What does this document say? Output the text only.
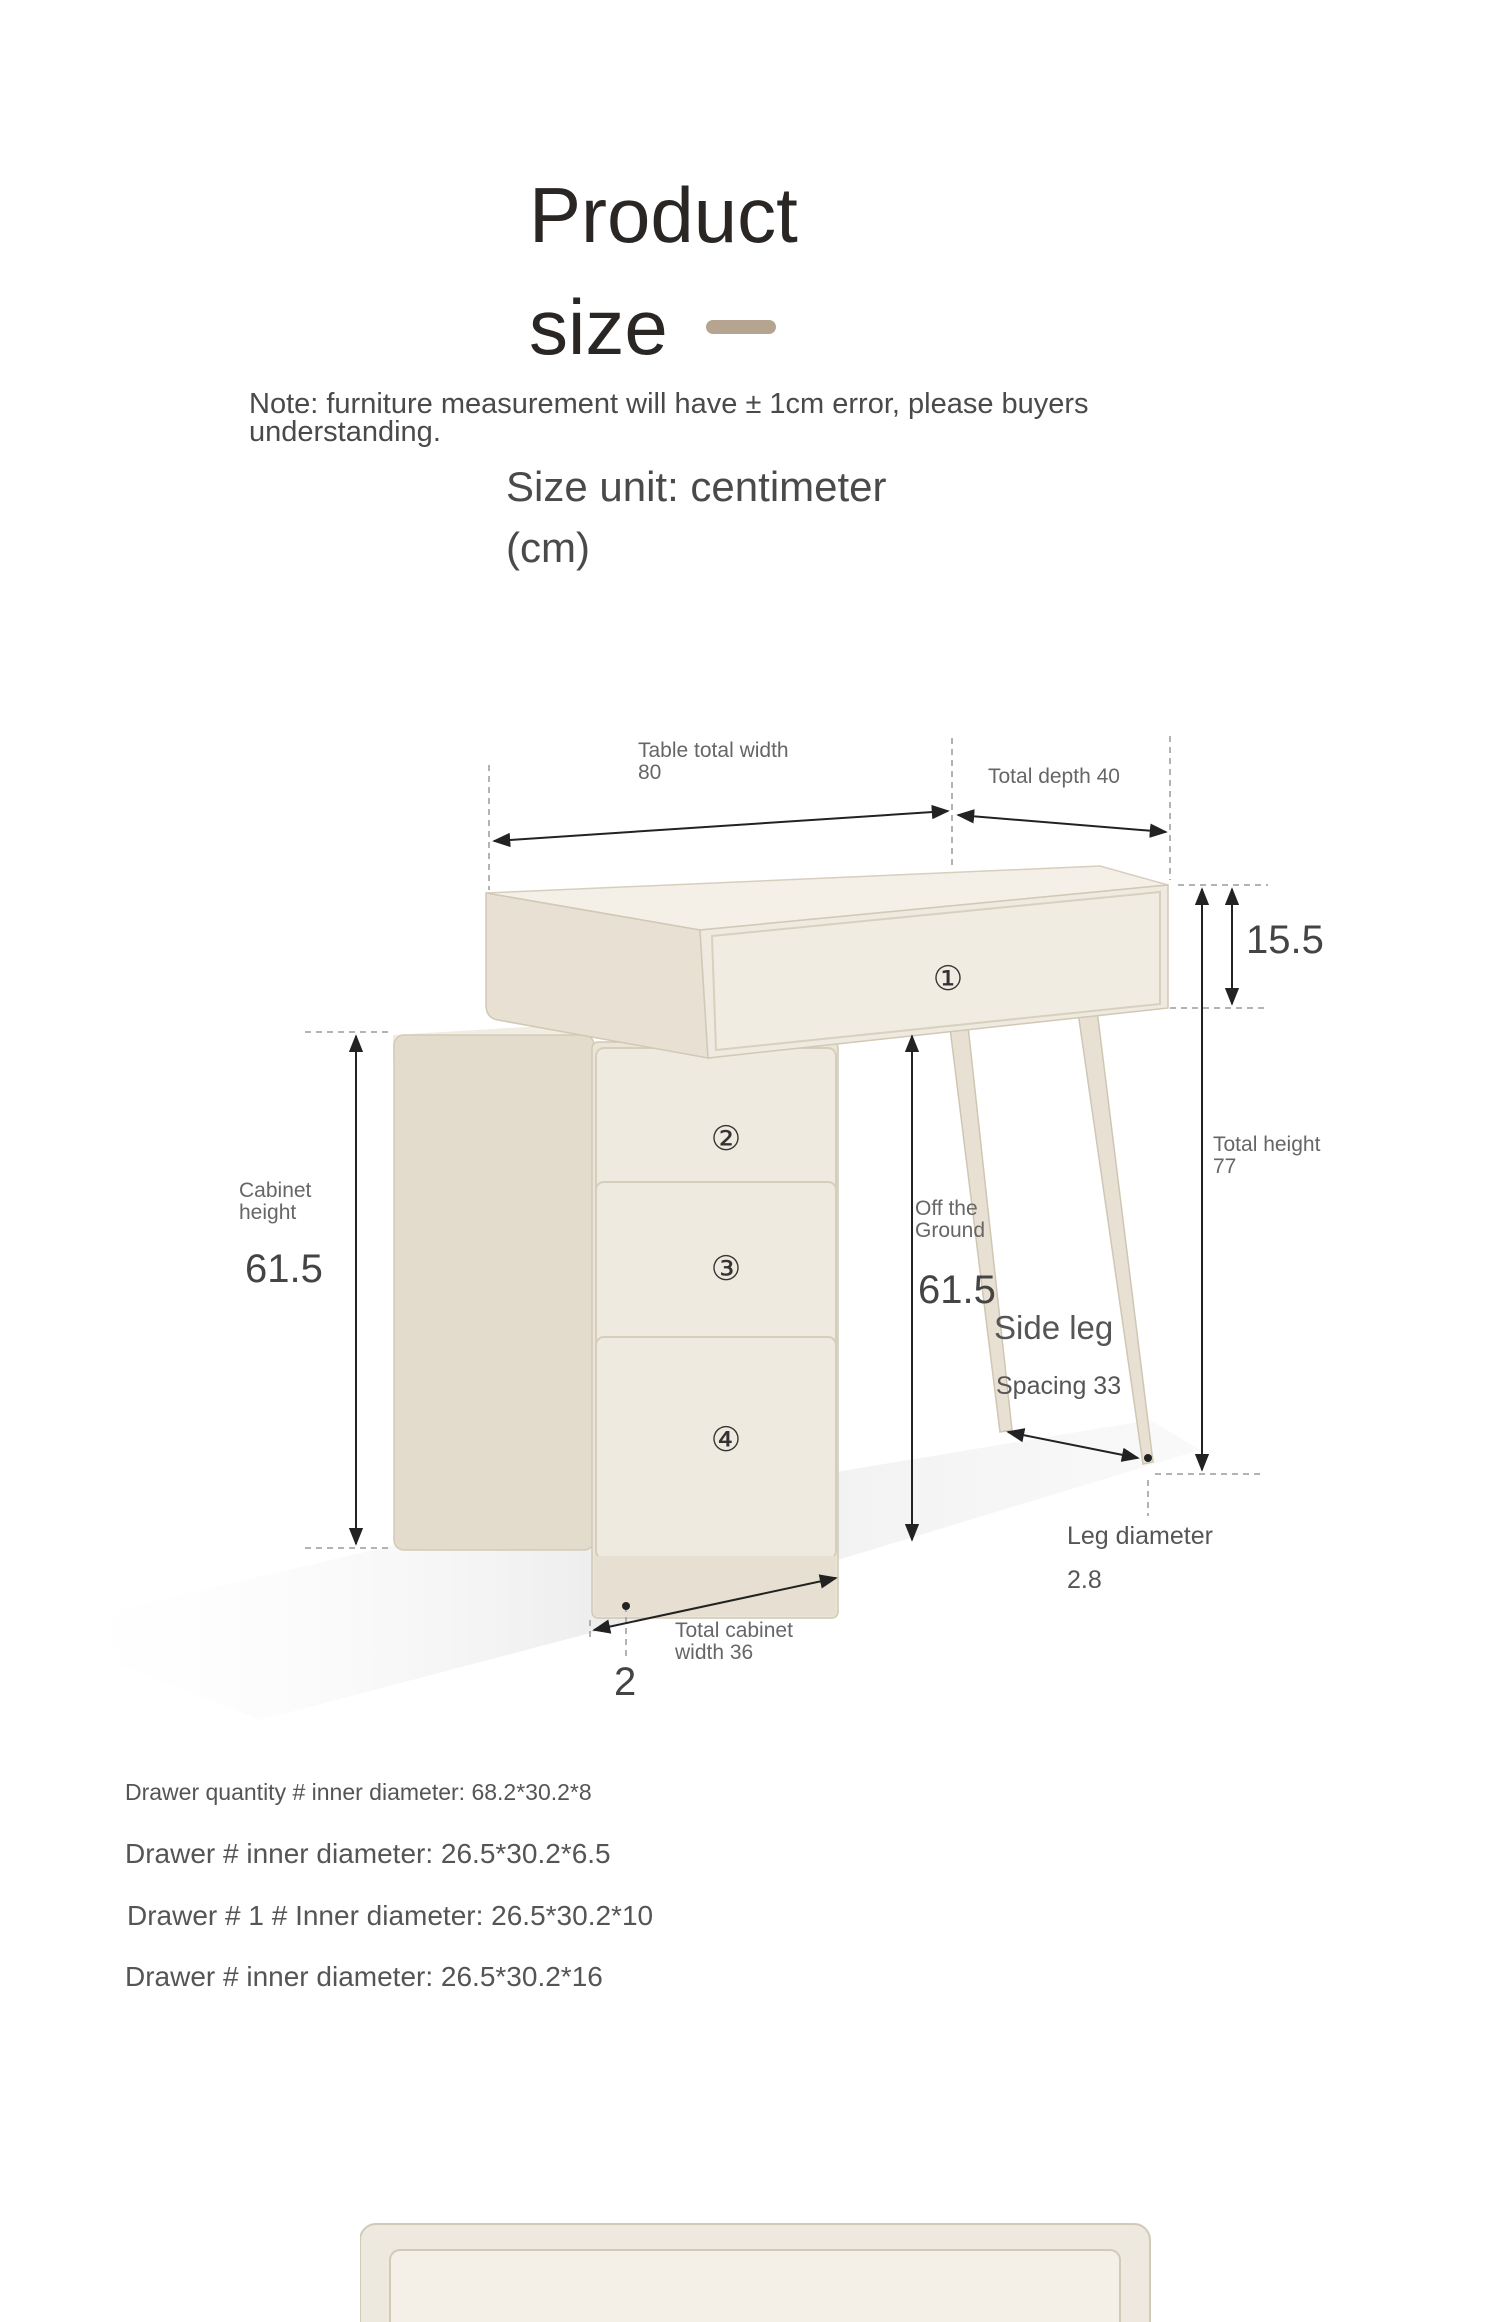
Product
size
Note: furniture measurement will have ± 1cm error, please buyers understanding.
Size unit: centimeter
(cm)
①
②
③
④
Table total width
80	Total depth 40
15.5
Total height
77
Cabinet
height
61.5
Off the
Ground
61.5
Side leg
Spacing 33
Leg diameter
2.8
Total cabinet
width 36
2
Drawer quantity # inner diameter: 68.2*30.2*8
Drawer # inner diameter: 26.5*30.2*6.5
Drawer # 1 # Inner diameter: 26.5*30.2*10
Drawer # inner diameter: 26.5*30.2*16
